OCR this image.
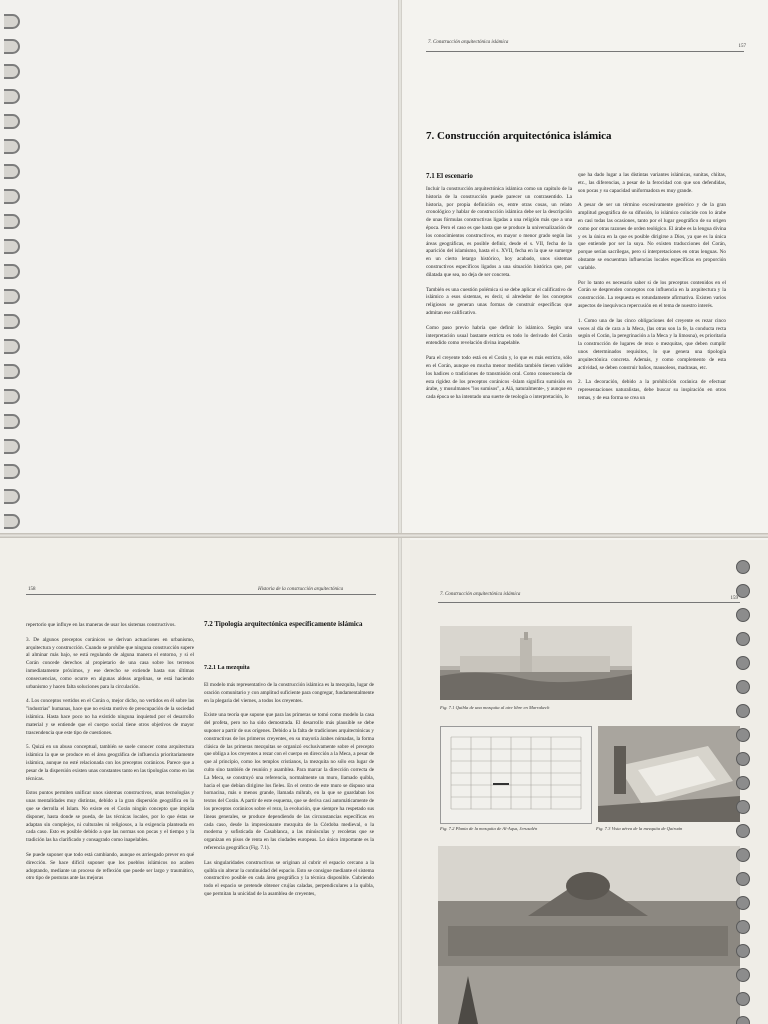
7. Construcción arquitectónica islámica
157
7. Construcción arquitectónica islámica
7.1 El escenario

Incluir la construcción arquitectónica islámica como un capítulo de la historia de la construcción puede parecer un contrasentido. La historia, por propia definición es, entre otras cosas, un relato cronológico y hablar de construcción islámica debe ser la descripción de unas fórmulas constructivas ligadas a una religión más que a una época. Pero el caso es que hasta que se produce la universalización de los conocimientos constructivos, en mayor o menor grado según las áreas geográficas, es posible definir, desde el s. VII, fecha de la aparición del islamismo, hasta el s. XVII, fecha en la que se sumerge en un cierto letargo histórico, hoy acabado, unos sistemas constructivos específicos ligados a una situación histórica que, por dilatada que sea, no deja de ser concreta.

También es una cuestión polémica si se debe aplicar el calificativo de islámico a esos sistemas, es decir, si alrededor de los conceptos religiosos se generan unas formas de construir específicas que admitan ese calificativo.

Como paso previo habría que definir lo islámico. Según una interpretación usual bastante estricta es todo lo derivado del Corán entendido como revelación divina inapelable.

Para el creyente todo está en el Corán y, lo que es más estricto, sólo en el Corán, aunque en mucha menor medida también tienen valides los hadices o tradiciones de transmisión oral. Como consecuencia de esta rigidez de los preceptos coránicos -Islam significa sumisión en árabe, y musulmanes "los sumisos", a Alá, naturalmente-, y aunque en cada época se ha intentado una suerte de teología o interpretación, lo

que ha dado lugar a las distintas variantes islámicas, sunitas, chiítas, etc., las diferencias, a pesar de la ferocidad con que son defendidas, son pocas y su capacidad uniformadora es muy grande.

A pesar de ser un término excesivamente genérico y de la gran amplitud geográfica de su difusión, lo islámico coincide con lo árabe en casi todas las ocasiones, tanto por el lugar geográfico de su origen como por otras razones de orden teológico. El árabe es la lengua divina y es la única en la que es posible dirigirse a Dios, ya que es la única que entiende por ser la suya. No existen traducciones del Corán, porque serían sacrílegas, pero sí interpretaciones en otras lenguas. No obstante se encuentran influencias locales específicas en proporción variable.

Por lo tanto es necesario saber si de los preceptos contenidos en el Corán se desprenden conceptos con influencia en la arquitectura y la construcción. La respuesta es rotundamente afirmativa. Existen varios aspectos de inequívoca repercusión en el tema de nuestro interés.

1. Como una de las cinco obligaciones del creyente es rezar cinco veces al día de cara a la Meca, (las otras son la fe, la conducta recta según el Corán, la peregrinación a la Meca y la limosna), es prioritaria la construcción de lugares de rezo o mezquitas, que deben cumplir unos determinados requisitos, lo que genera una tipología arquitectónica concreta. Además, y como complemento de esta actividad, se deben construir baños, mausoleos, madrasas, etc.

2. La decoración, debido a la prohibición coránica de efectuar representaciones naturalistas, debe buscar su inspiración en otros temas, y de esa forma se crea un

158	Historia de la construcción arquitectónica

repertorio que influye en las maneras de usar los sistemas constructivos.

3. De algunos preceptos coránicos se derivan actuaciones en urbanismo, arquitectura y construcción. Cuando se prohíbe que ninguna construcción supere al alminar más bajo, se está regulando de alguna manera el entorno, y si el Corán concede derechos al propietario de una casa sobre los terrenos inmediatamente próximos, y ese derecho se extiende hasta sus últimas consecuencias, como ocurre en algunas aldeas argelinas, se está haciendo urbanismo y hacen falta soluciones para la circulación.

4. Los conceptos vertidos en el Corán o, mejor dicho, no vertidos en él sobre las "industrias" humanas, hace que no exista motivo de preocupación de la sociedad islámica. Hasta hace poco no ha existido ninguna inquietud por el desarrollo material y se entiende que el cuerpo social tiene otros objetivos de mayor trascendencia que este tipo de cuestiones.

5. Quizá en un abuso conceptual, también se suele conocer como arquitectura islámica la que se produce en el área geográfica de influencia prioritariamente islámica, aunque no esté relacionada con los preceptos coránicos. Parece que a pesar de la dispersión existen unas constantes tanto en las tipologías como en las técnicas.

Estos puntos permiten unificar unos sistemas constructivos, unas tecnologías y unas mentalidades muy distintas, debido a la gran dispersión geográfica en la que se derrolla el Islam. No existe en el Corán ningún concepto que impida disponer, hasta donde se pueda, de las técnicas locales, por lo que éstas se adaptan sin complejos, ni culturales ni religiosos, a la exigencia planteada en cada caso. Esto es posible debido a que las normas son pocas y el tiempo y la tradición las ha clarificado y consagrado como inapelables.

Se puede suponer que todo está cambiando, aunque es arriesgado prever en qué dirección. Se hace difícil suponer que los pueblos islámicos no acaben adoptando, mediante un proceso de reflexión que puede ser largo y traumático, otro tipo de posturas ante las mejoras

7.2 Tipología arquitectónica específicamente islámica
7.2.1 La mezquita

El modelo más representativo de la construcción islámica es la mezquita, lugar de oración comunitario y con amplitud suficiente para congregar, fundamentalmente en la plegaria del viernes, a todos los creyentes.

Existe una teoría que supone que para las primeras se tomó como modelo la casa del profeta, pero no ha sido demostrada. El desarrollo más plausible se debe suponer a partir de sus orígenes. Debido a la falta de tradiciones arquitectónicas y constructivas de los primeros creyentes, en su mayoría árabes nómadas, la forma clásica de las primeras mezquitas se organizó exclusivamente sobre el precepto que obliga a los creyentes a rezar con el cuerpo en dirección a la Meca, a pesar de que al principio, como los templos cristianos, la mezquita no sólo era lugar de culto sino también de reunión y asamblea. Para marcar la dirección correcta de La Meca, se construyó una referencia, normalmente un muro, llamado quibla, hacia el que debían dirigirse los fieles. En el centro de este muro se dispuso una hornacina, más o menos grande, llamada mihrab, en la que se guardaban los textos del Corán. A partir de este esquema, que se deriva casi automáticamente de los preceptos coránicos sobre el rezo, la evolución, que siempre ha respetado sus líneas generales, se produce dependiendo de las circunstancias específicas en cada caso, desde la impresionante mezquita de la Córdoba medieval, o la moderna y sofisticada de Casablanca, a las minúsculas y recoletas que se organizan en pisos de renta en las ciudades europeas. Lo único importante es la referencia geográfica (Fig. 7.1).

Las singularidades constructivas se originan al cubrir el espacio cercano a la quibla sin alterar la continuidad del espacio. Esto se consigue mediante el sistema constructivo posible en cada área geográfica y la técnica disponible. Cubriendo todo el espacio se pretende obtener crujías caladas, perpendiculares a la quibla, que permitan la unicidad de la asamblea de creyentes,

7. Construcción arquitectónica islámica
159
Fig. 7.1 Quibla de una mezquita al aire libre en Marrakech
Fig. 7.2 Planta de la mezquita de Al-Aqsa, Jerusalén	Fig. 7.3 Vista aérea de la mezquita de Qairuán
